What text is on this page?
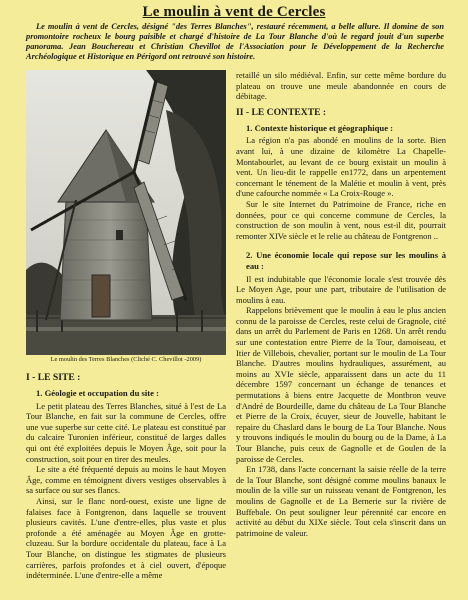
Le moulin à vent de Cercles
Le moulin à vent de Cercles, désigné "des Terres Blanches", restauré récemment, a belle allure. Il domine de son promontoire rocheux le bourg paisible et chargé d'histoire de La Tour Blanche d'où le regard jouit d'un superbe panorama. Jean Bouchereau et Christian Chevillot de l'Association pour le Développement de la Recherche Archéologique et Historique en Périgord ont retrouvé son histoire.
Le moulin des Terres Blanches (Cliché C. Chevillot -2009)

I - LE SITE :

1. Géologie et occupation du site :

Le petit plateau des Terres Blanches, situé à l'est de La Tour Blanche, en fait sur la commune de Cercles, offre une vue superbe sur cette cité. Le plateau est constitué par du calcaire Turonien inférieur, constitué de larges dalles qui ont été exploitées depuis le Moyen Âge, soit pour la construction, soit pour en tirer des meules.

Le site a été fréquenté depuis au moins le haut Moyen Âge, comme en témoignent divers vestiges observables à sa surface ou sur ses flancs.

Ainsi, sur le flanc nord-ouest, existe une ligne de falaises face à Fontgrenon, dans laquelle se trouvent plusieurs cavités. L'une d'entre-elles, plus vaste et plus profonde a été aménagée au Moyen Âge en grotte-cluzeau. Sur la bordure occidentale du plateau, face à La Tour Blanche, on distingue les stigmates de plusieurs carrières, parfois profondes et à ciel ouvert, d'époque indéterminée. L'une d'entre-elle a même

retaillé un silo médiéval. Enfin, sur cette même bordure du plateau on trouve une meule abandonnée en cours de débitage.

II - LE CONTEXTE :

1. Contexte historique et géographique :

La région n'a pas abondé en moulins de la sorte. Bien avant lui, à une dizaine de kilomètre La Chapelle-Montabourlet, au levant de ce bourg existait un moulin à vent. Un lieu-dit le rappelle en1772, dans un arpentement concernant le ténement de la Malétie et moulin à vent, près d'une cafourche nommée « La Croix-Rouge ».

Sur le site Internet du Patrimoine de France, riche en données, pour ce qui concerne commune de Cercles, la construction de son moulin à vent, nous est-il dit, pourrait remonter XIVe siècle et le relie au château de Fontgrenon ..

2. Une économie locale qui repose sur les moulins à eau :

Il est indubitable que l'économie locale s'est trouvée dès Le Moyen Age, pour une part, tributaire de l'utilisation de moulins à eau.

Rappelons brièvement que le moulin à eau le plus ancien connu de la paroisse de Cercles, reste celui de Gragnole, cité dans un arrêt du Parlement de Paris en 1268. Un arrêt rendu sur une contestation entre Pierre de la Tour, damoiseau, et Itier de Villebois, chevalier, portant sur le moulin de La Tour Blanche. D'autres moulins hydrauliques, assurément, au moins au XVIe siècle, apparaissent dans un acte du 11 décembre 1597 concernant un échange de tenances et permutations à biens entre Jacquette de Montbron veuve d'André de Bourdeille, dame du château de La Tour Blanche et Pierre de la Croix, écuyer, sieur de Jouvelle, habitant le repaire du Chaslard dans le bourg de La Tour Blanche. Nous y trouvons indiqués le moulin du bourg ou de la Dame, à La Tour Blanche, puis ceux de Gagnolle et de Goulen de la paroisse de Cercles.

En 1738, dans l'acte concernant la saisie réelle de la terre de la Tour Blanche, sont désigné comme moulins banaux le moulin de la ville sur un ruisseau venant de Fontgrenon, les moulins de Gagnolle et de La Bernerie sur la rivière de Buffebale. On peut souligner leur pérennité car encore en activité au début du XIXe siècle. Tout cela s'inscrit dans un patrimoine de valeur.
